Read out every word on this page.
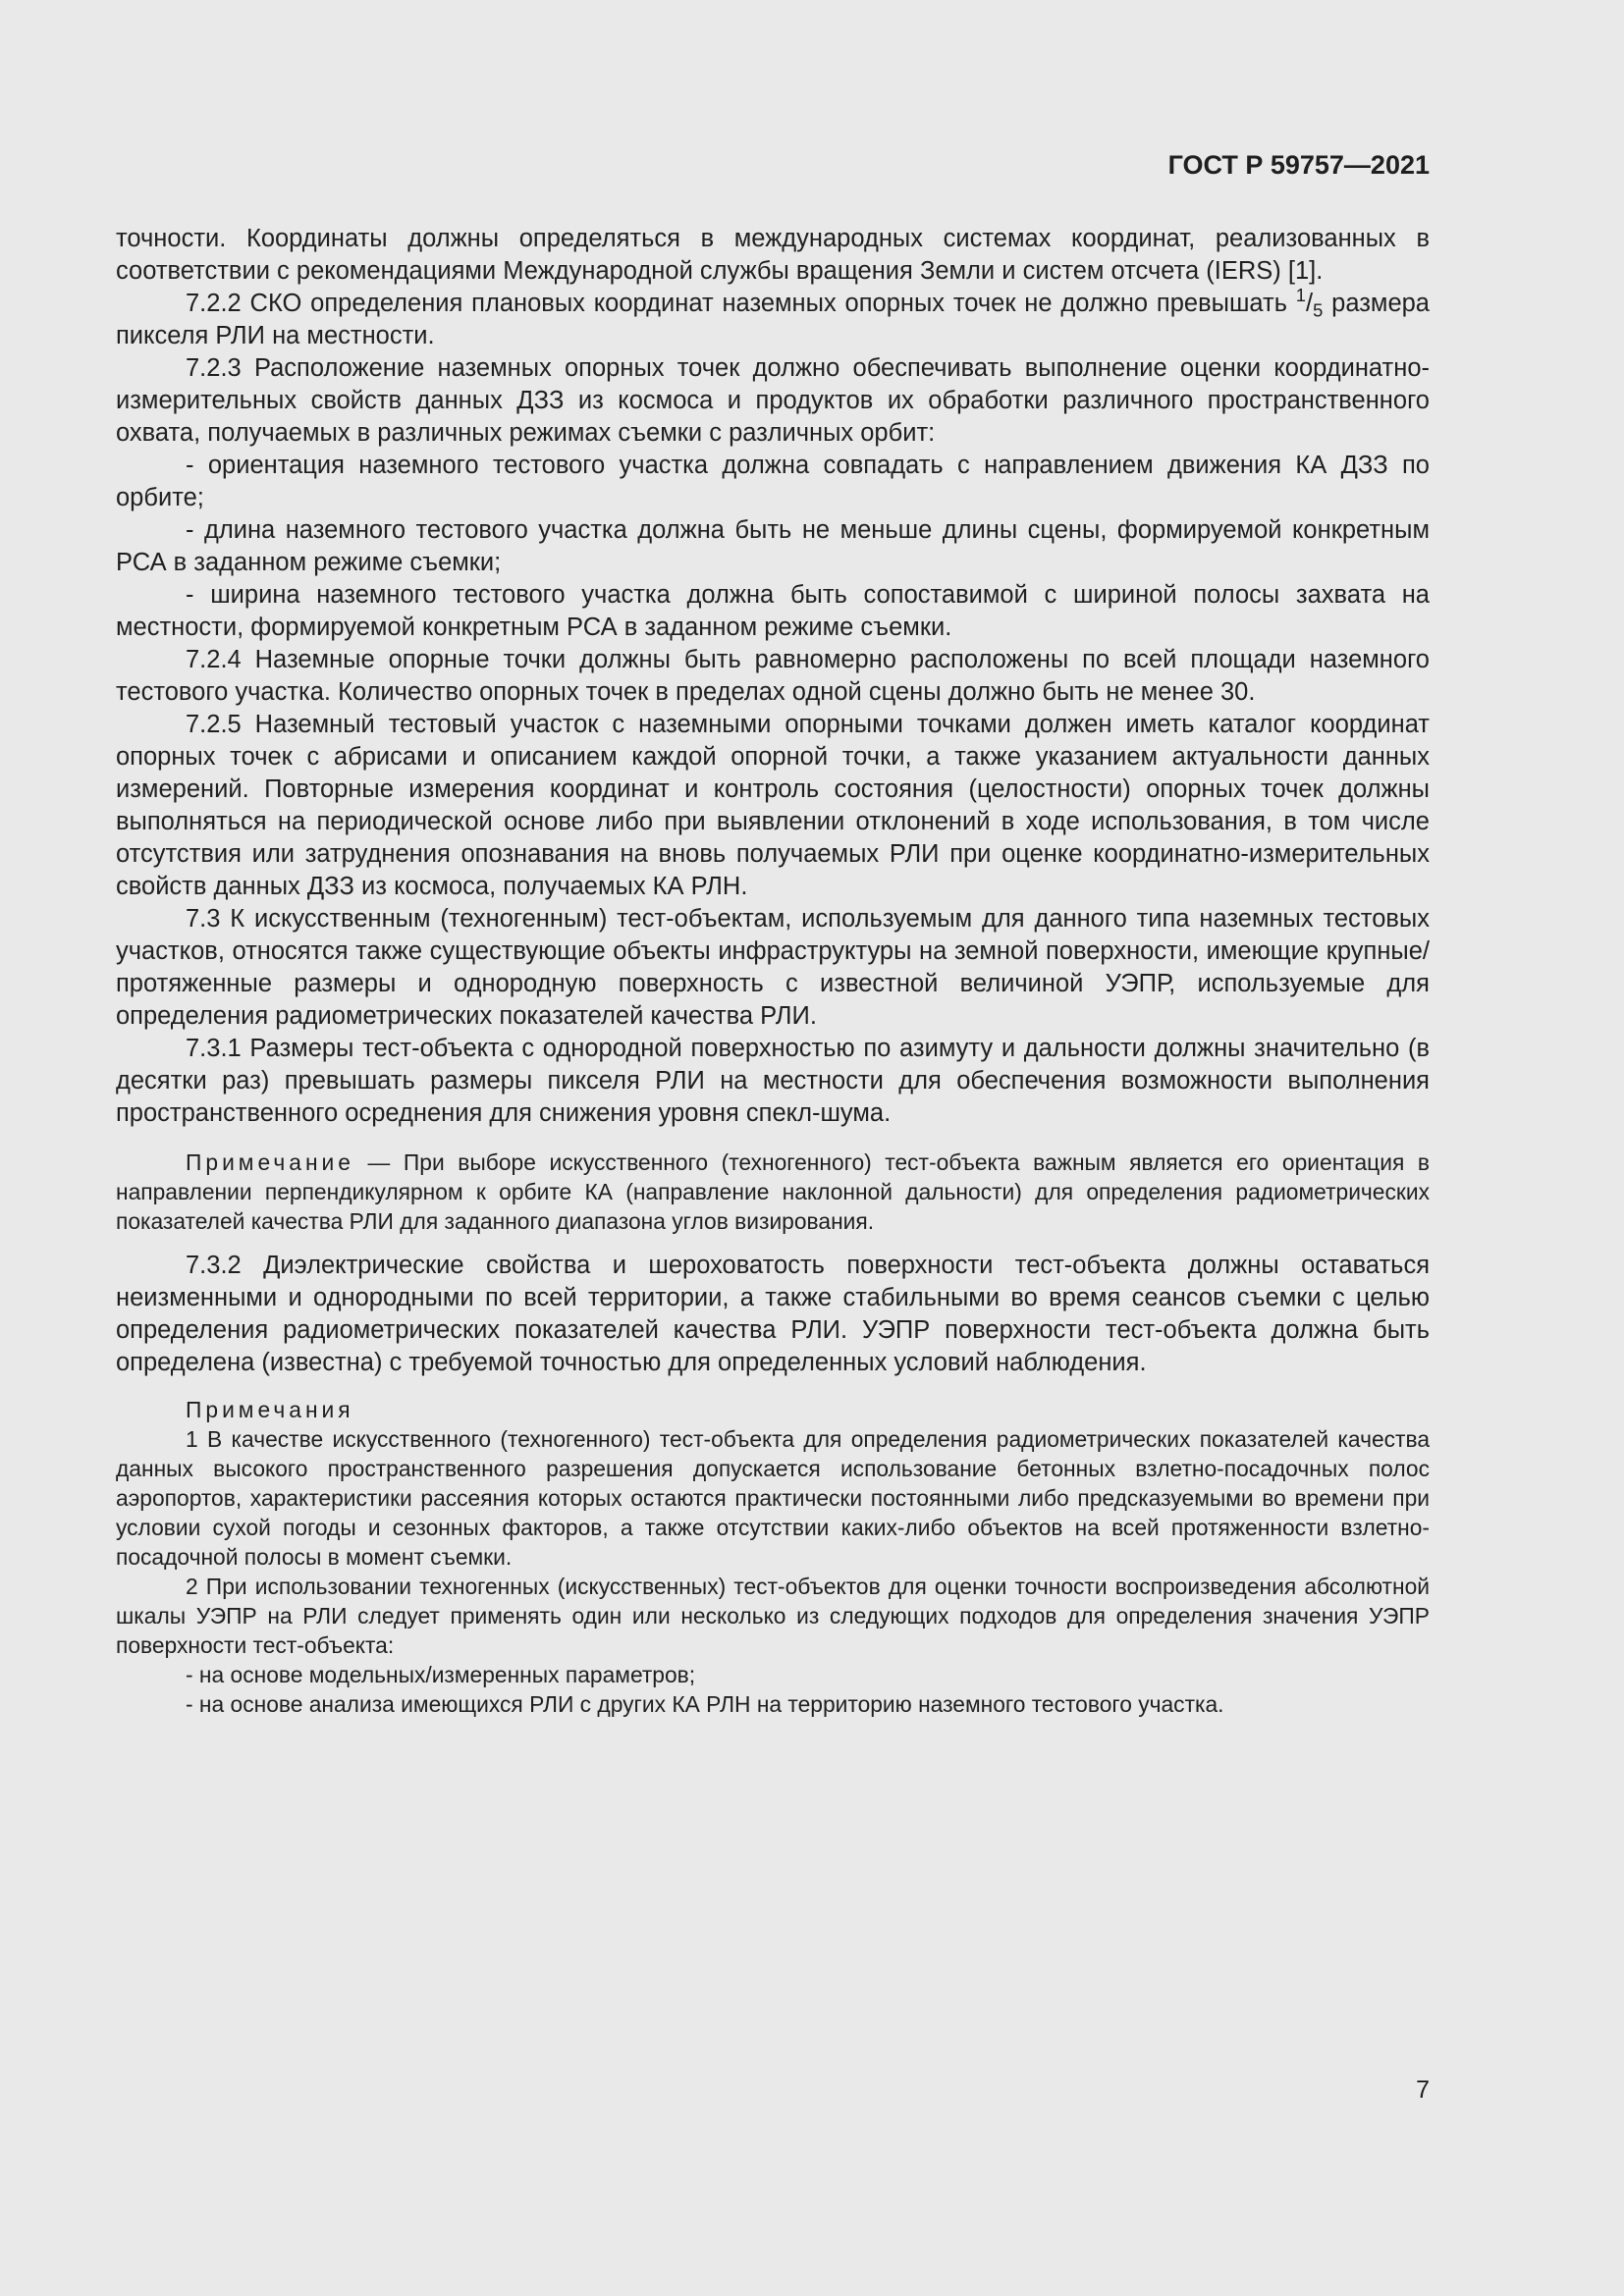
ГОСТ Р 59757—2021

точности. Координаты должны определяться в международных системах координат, реализованных в соответствии с рекомендациями Международной службы вращения Земли и систем отсчета (IERS) [1].

7.2.2 СКО определения плановых координат наземных опорных точек не должно превышать $^1/_5$ размера пикселя РЛИ на местности.

7.2.3 Расположение наземных опорных точек должно обеспечивать выполнение оценки координатно-измерительных свойств данных ДЗЗ из космоса и продуктов их обработки различного пространственного охвата, получаемых в различных режимах съемки с различных орбит:

- ориентация наземного тестового участка должна совпадать с направлением движения КА ДЗЗ по орбите;

- длина наземного тестового участка должна быть не меньше длины сцены, формируемой конкретным РСА в заданном режиме съемки;

- ширина наземного тестового участка должна быть сопоставимой с шириной полосы захвата на местности, формируемой конкретным РСА в заданном режиме съемки.

7.2.4 Наземные опорные точки должны быть равномерно расположены по всей площади наземного тестового участка. Количество опорных точек в пределах одной сцены должно быть не менее 30.

7.2.5 Наземный тестовый участок с наземными опорными точками должен иметь каталог координат опорных точек с абрисами и описанием каждой опорной точки, а также указанием актуальности данных измерений. Повторные измерения координат и контроль состояния (целостности) опорных точек должны выполняться на периодической основе либо при выявлении отклонений в ходе использования, в том числе отсутствия или затруднения опознавания на вновь получаемых РЛИ при оценке координатно-измерительных свойств данных ДЗЗ из космоса, получаемых КА РЛН.

7.3 К искусственным (техногенным) тест-объектам, используемым для данного типа наземных тестовых участков, относятся также существующие объекты инфраструктуры на земной поверхности, имеющие крупные/протяженные размеры и однородную поверхность с известной величиной УЭПР, используемые для определения радиометрических показателей качества РЛИ.

7.3.1 Размеры тест-объекта с однородной поверхностью по азимуту и дальности должны значительно (в десятки раз) превышать размеры пикселя РЛИ на местности для обеспечения возможности выполнения пространственного осреднения для снижения уровня спекл-шума.

Примечание — При выборе искусственного (техногенного) тест-объекта важным является его ориентация в направлении перпендикулярном к орбите КА (направление наклонной дальности) для определения радиометрических показателей качества РЛИ для заданного диапазона углов визирования.

7.3.2 Диэлектрические свойства и шероховатость поверхности тест-объекта должны оставаться неизменными и однородными по всей территории, а также стабильными во время сеансов съемки с целью определения радиометрических показателей качества РЛИ. УЭПР поверхности тест-объекта должна быть определена (известна) с требуемой точностью для определенных условий наблюдения.

Примечания

1 В качестве искусственного (техногенного) тест-объекта для определения радиометрических показателей качества данных высокого пространственного разрешения допускается использование бетонных взлетно-посадочных полос аэропортов, характеристики рассеяния которых остаются практически постоянными либо предсказуемыми во времени при условии сухой погоды и сезонных факторов, а также отсутствии каких-либо объектов на всей протяженности взлетно-посадочной полосы в момент съемки.

2 При использовании техногенных (искусственных) тест-объектов для оценки точности воспроизведения абсолютной шкалы УЭПР на РЛИ следует применять один или несколько из следующих подходов для определения значения УЭПР поверхности тест-объекта:

- на основе модельных/измеренных параметров;

- на основе анализа имеющихся РЛИ с других КА РЛН на территорию наземного тестового участка.

7
